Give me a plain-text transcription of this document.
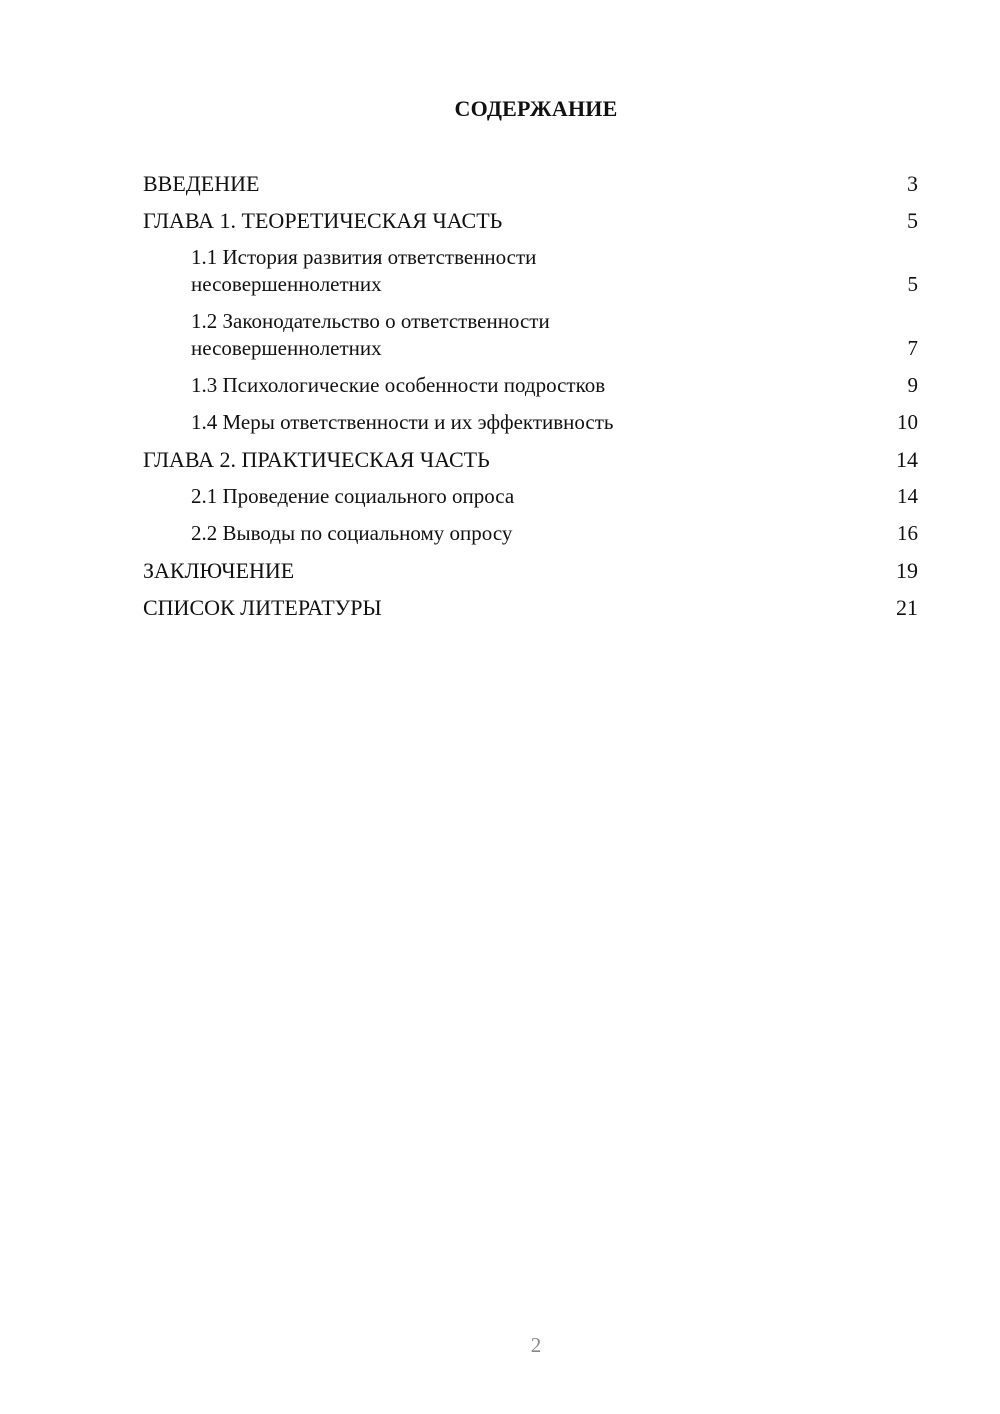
СОДЕРЖАНИЕ
ВВЕДЕНИЕ	3
ГЛАВА 1. ТЕОРЕТИЧЕСКАЯ ЧАСТЬ	5
1.1 История развития ответственности несовершеннолетних	5
1.2 Законодательство о ответственности несовершеннолетних	7
1.3 Психологические особенности подростков	9
1.4 Меры ответственности и их эффективность	10
ГЛАВА 2. ПРАКТИЧЕСКАЯ ЧАСТЬ	14
2.1 Проведение социального опроса	14
2.2 Выводы по социальному опросу	16
ЗАКЛЮЧЕНИЕ	19
СПИСОК ЛИТЕРАТУРЫ	21
2
